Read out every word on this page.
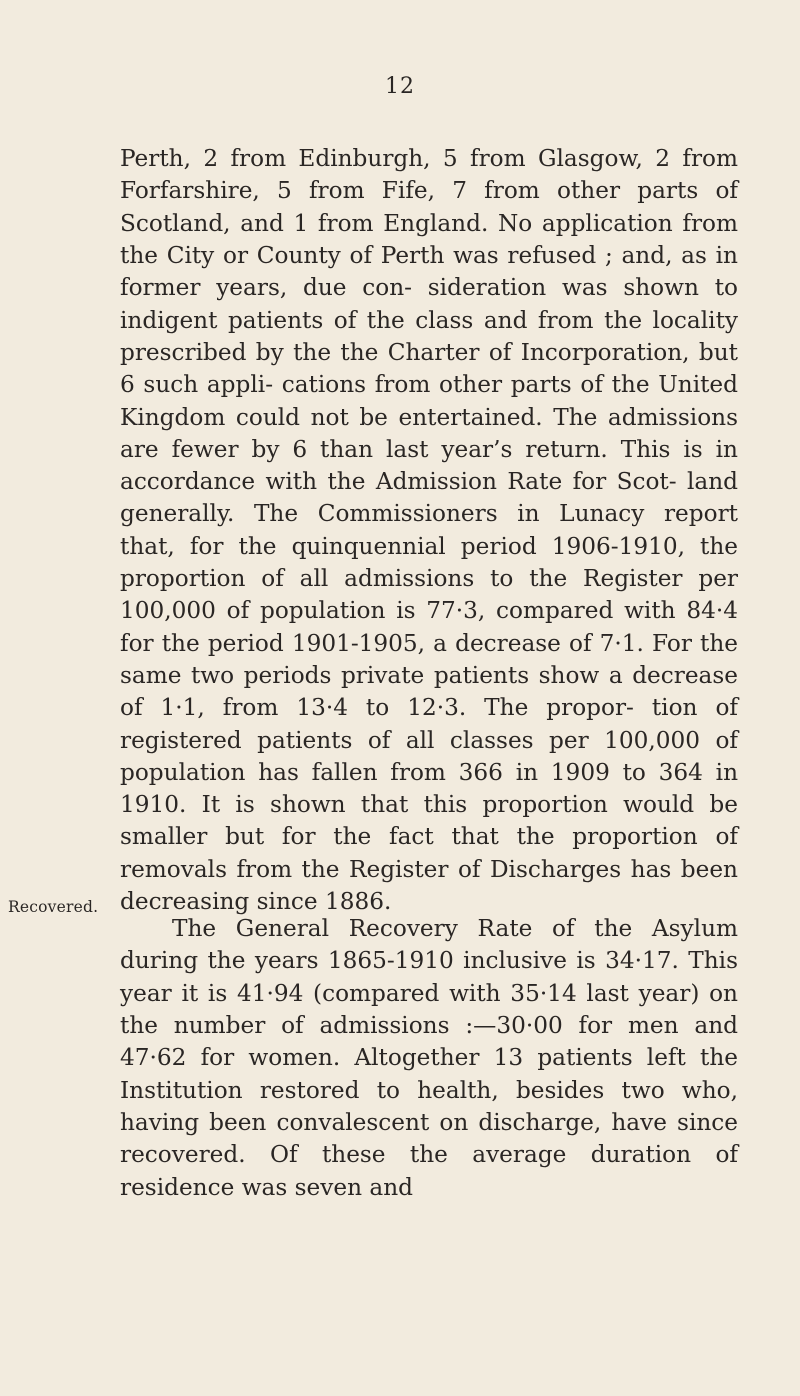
12

Perth, 2 from Edinburgh, 5 from Glasgow, 2 from Forfarshire, 5 from Fife, 7 from other parts of Scotland, and 1 from England. No application from the City or County of Perth was refused ; and, as in former years, due con- sideration was shown to indigent patients of the class and from the locality prescribed by the the Charter of Incorporation, but 6 such appli- cations from other parts of the United Kingdom could not be entertained. The admissions are fewer by 6 than last year’s return. This is in accordance with the Admission Rate for Scot- land generally. The Commissioners in Lunacy report that, for the quinquennial period 1906-1910, the proportion of all admissions to the Register per 100,000 of population is 77·3, compared with 84·4 for the period 1901-1905, a decrease of 7·1. For the same two periods private patients show a decrease of 1·1, from 13·4 to 12·3. The propor- tion of registered patients of all classes per 100,000 of population has fallen from 366 in 1909 to 364 in 1910. It is shown that this proportion would be smaller but for the fact that the proportion of removals from the Register of Discharges has been decreasing since 1886.

Recovered.

The General Recovery Rate of the Asylum during the years 1865-1910 inclusive is 34·17. This year it is 41·94 (compared with 35·14 last year) on the number of admissions :—30·00 for men and 47·62 for women. Altogether 13 patients left the Institution restored to health, besides two who, having been convalescent on discharge, have since recovered. Of these the average duration of residence was seven and
